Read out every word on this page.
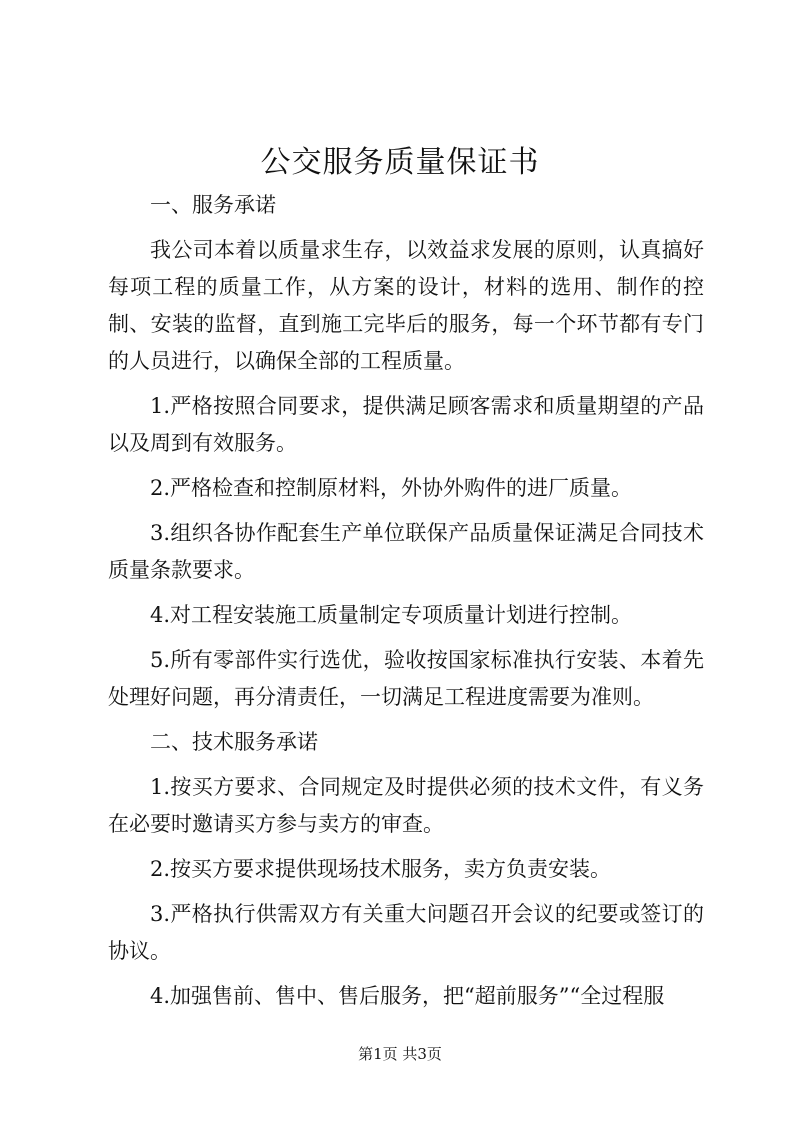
公交服务质量保证书

一、服务承诺

我公司本着以质量求生存，以效益求发展的原则，认真搞好每项工程的质量工作，从方案的设计，材料的选用、制作的控制、安装的监督，直到施工完毕后的服务，每一个环节都有专门的人员进行，以确保全部的工程质量。

1.严格按照合同要求，提供满足顾客需求和质量期望的产品以及周到有效服务。

2.严格检查和控制原材料，外协外购件的进厂质量。

3.组织各协作配套生产单位联保产品质量保证满足合同技术质量条款要求。

4.对工程安装施工质量制定专项质量计划进行控制。

5.所有零部件实行选优，验收按国家标准执行安装、本着先处理好问题，再分清责任，一切满足工程进度需要为准则。

二、技术服务承诺

1.按买方要求、合同规定及时提供必须的技术文件，有义务在必要时邀请买方参与卖方的审查。

2.按买方要求提供现场技术服务，卖方负责安装。

3.严格执行供需双方有关重大问题召开会议的纪要或签订的协议。

4.加强售前、售中、售后服务，把“超前服务”“全过程服

第1页 共3页
